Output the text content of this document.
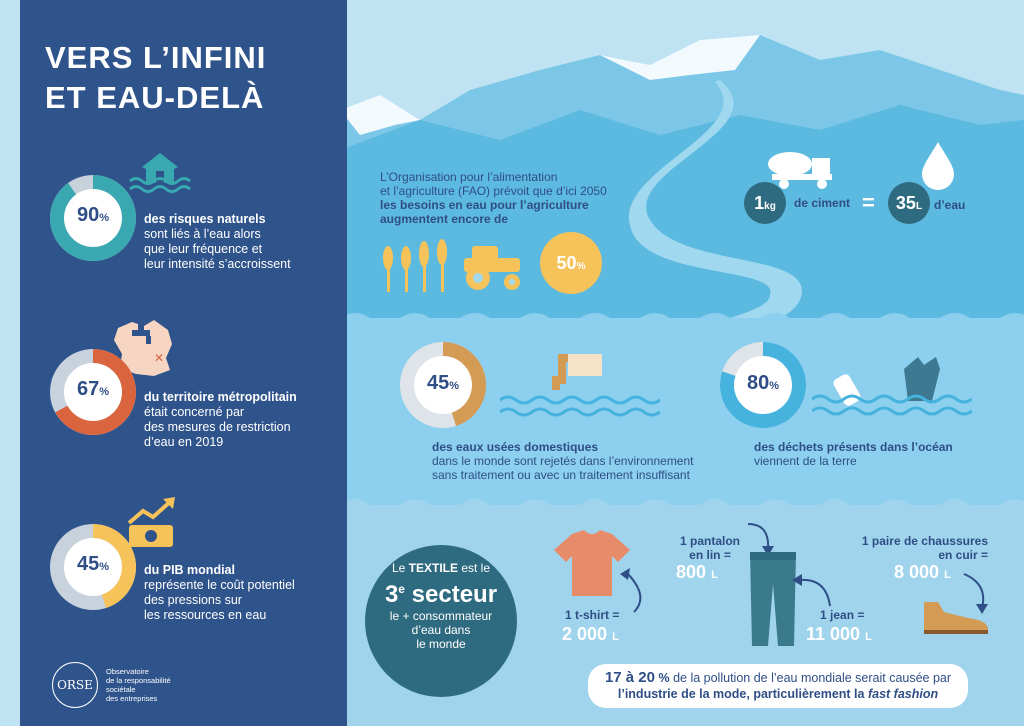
VERS L’INFINI
ET EAU-DELÀ
90%	des risques naturels
sont liés à l’eau alors
que leur fréquence et
leur intensité s’accroissent
✕
67%	du territoire métropolitain
était concerné par
des mesures de restriction
d’eau en 2019
45%	du PIB mondial
représente le coût potentiel
des pressions sur
les ressources en eau
ORSE
Observatoire
de la responsabilité
sociétale
des entreprises
L’Organisation pour l’alimentation
et l’agriculture (FAO) prévoit que d’ici 2050
les besoins en eau pour l’agriculture
augmentent encore de
50%
1kg	de ciment =	35L d’eau
45%
des eaux usées domestiques
dans le monde sont rejetés dans l’environnement
sans traitement ou avec un traitement insuffisant
80%
des déchets présents dans l’océan
viennent de la terre
Le TEXTILE est le
3e secteur
le + consommateur
d’eau dans
le monde
1 t-shirt =
2 000 L
1 pantalon
en lin =
800 L
1 jean =
11 000 L
1 paire de chaussures
en cuir =
8 000 L
17 à 20 % de la pollution de l’eau mondiale serait causée par
l’industrie de la mode, particulièrement la fast fashion
